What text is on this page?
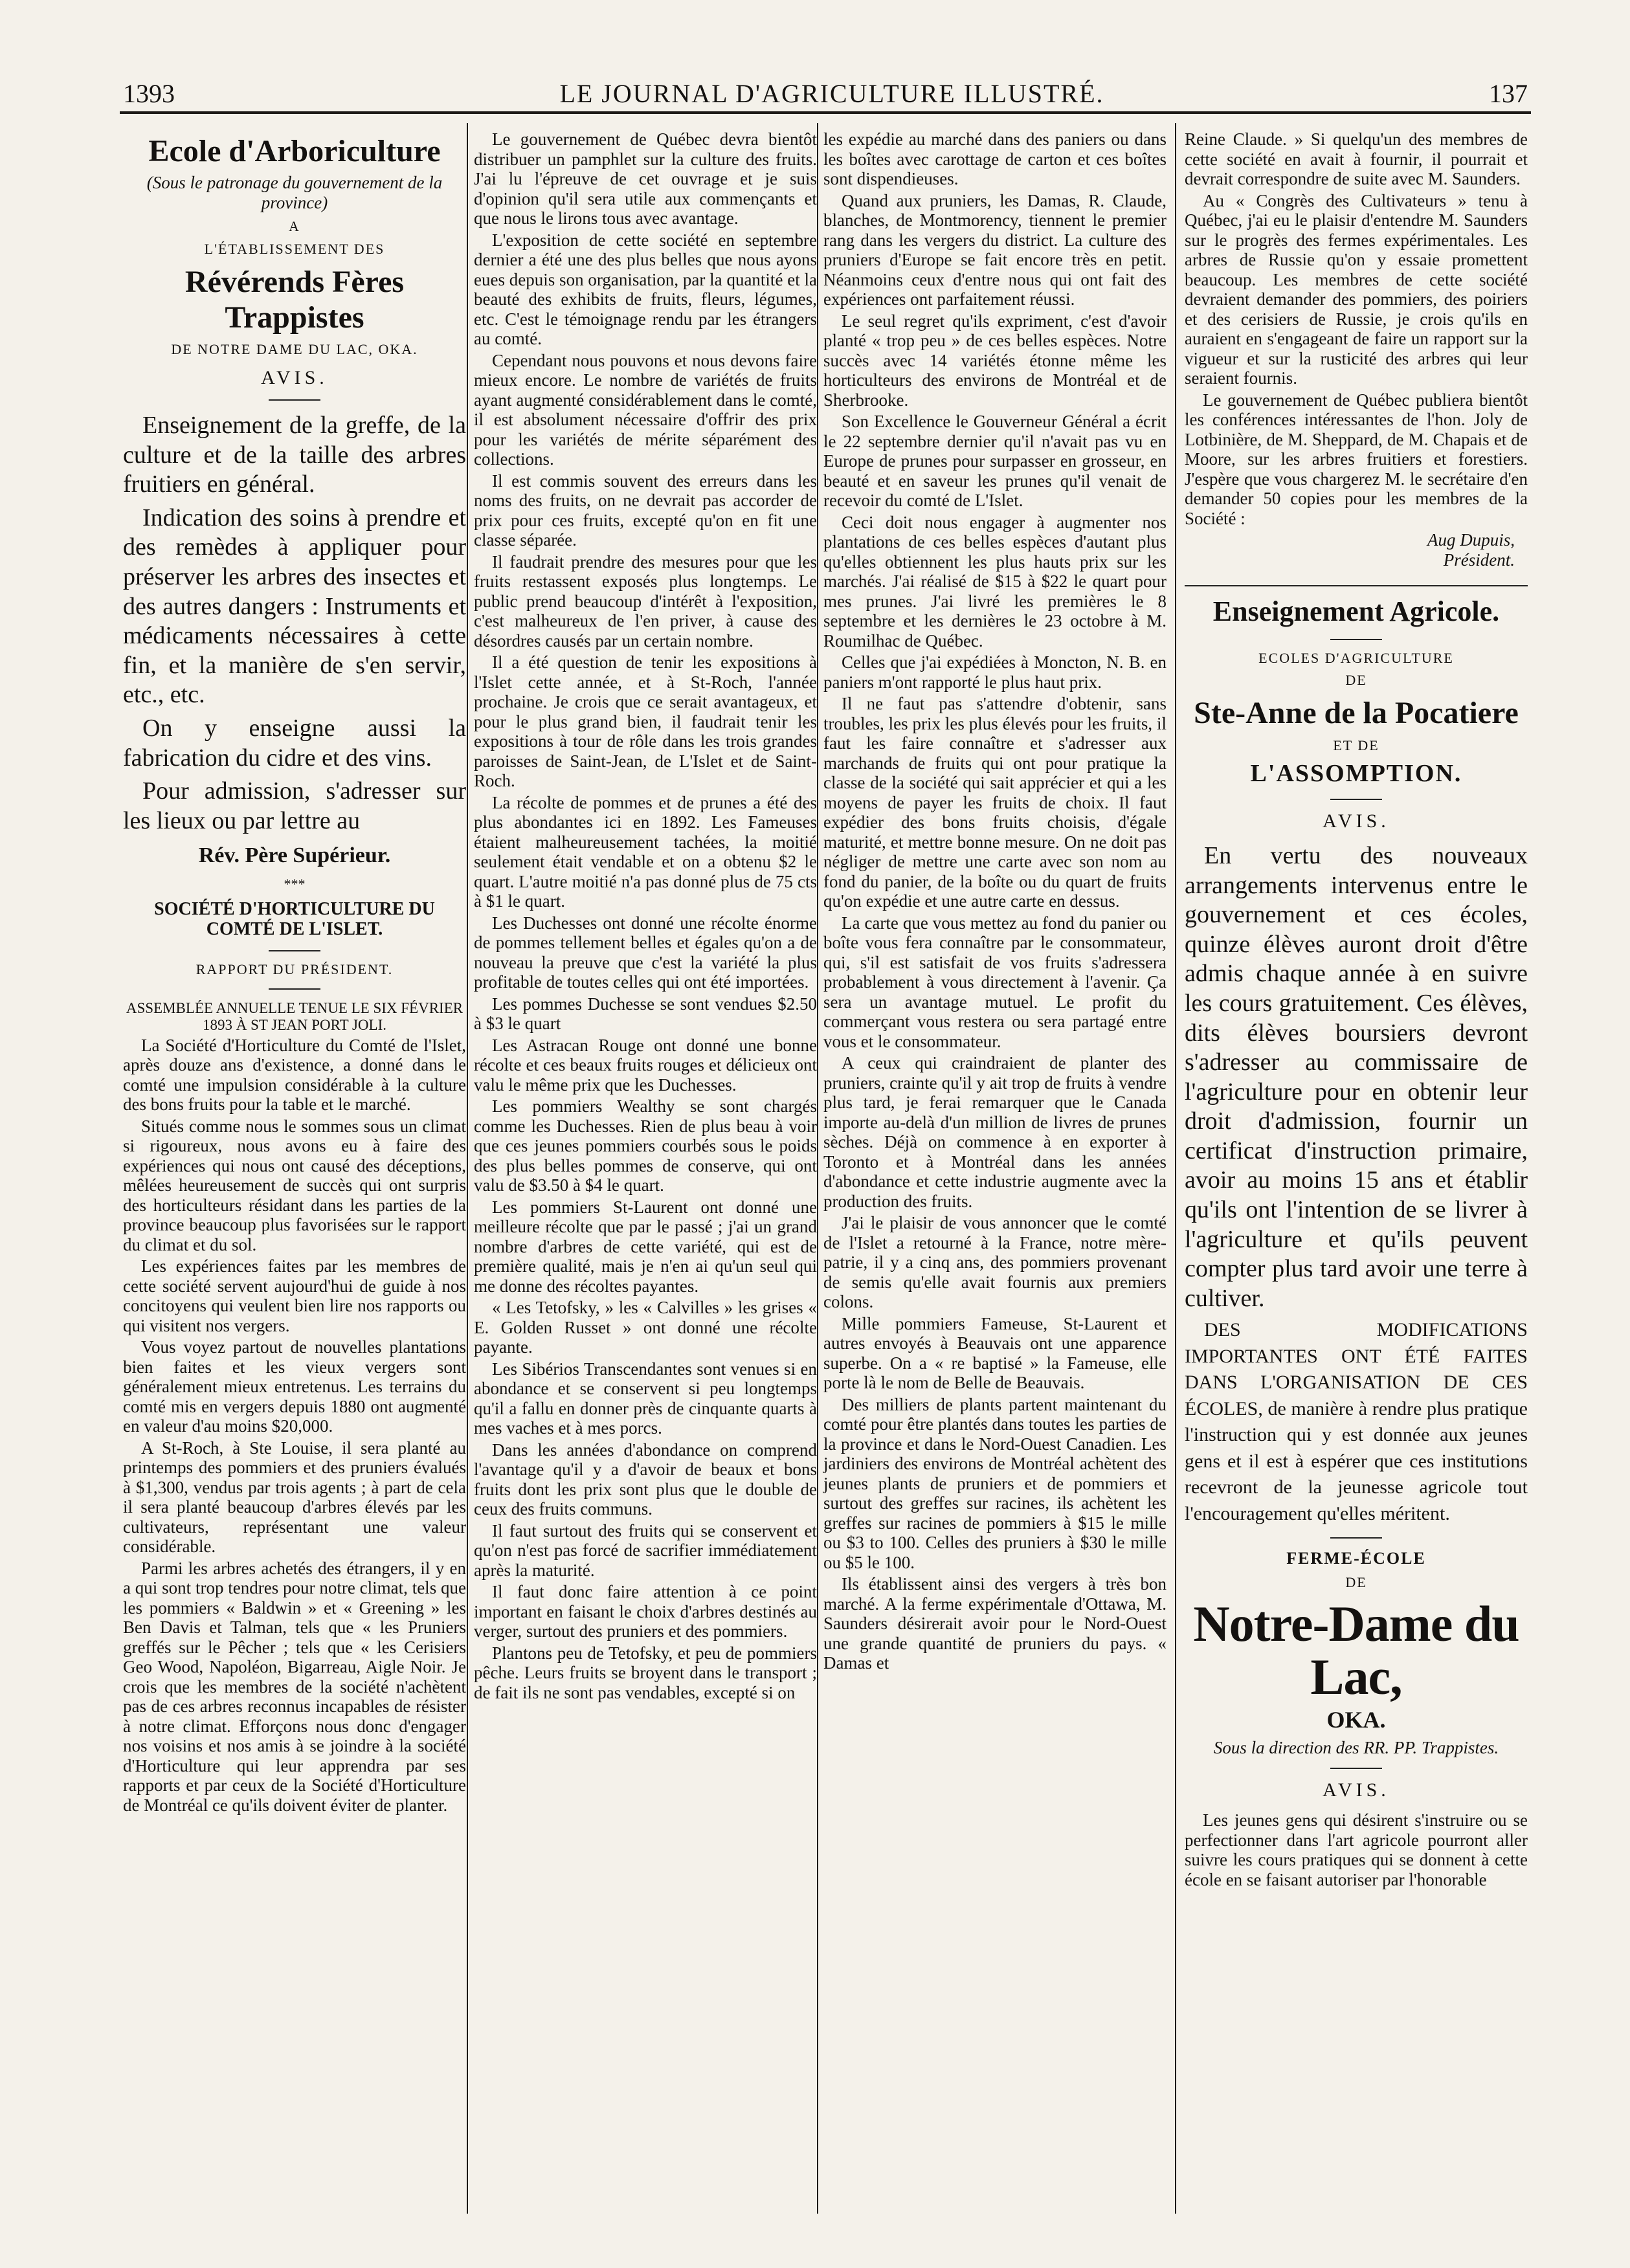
1393	LE JOURNAL D'AGRICULTURE ILLUSTRÉ.	137
Ecole d'Arboriculture

(Sous le patronage du gouvernement de la province)

A
L'ÉTABLISSEMENT DES
Révérends Fères Trappistes
DE NOTRE DAME DU LAC, OKA.
AVIS.

Enseignement de la greffe, de la culture et de la taille des arbres fruitiers en général.

Indication des soins à prendre et des remèdes à appliquer pour préserver les arbres des insectes et des autres dangers : Instruments et médicaments nécessaires à cette fin, et la manière de s'en servir, etc., etc.

On y enseigne aussi la fabrication du cidre et des vins.

Pour admission, s'adresser sur les lieux ou par lettre au

Rév. Père Supérieur.
***
SOCIÉTÉ D'HORTICULTURE DU COMTÉ DE L'ISLET.
RAPPORT DU PRÉSIDENT.

ASSEMBLÉE ANNUELLE TENUE LE SIX FÉVRIER 1893 À ST JEAN PORT JOLI.

La Société d'Horticulture du Comté de l'Islet, après douze ans d'existence, a donné dans le comté une impulsion considérable à la culture des bons fruits pour la table et le marché.

Situés comme nous le sommes sous un climat si rigoureux, nous avons eu à faire des expériences qui nous ont causé des déceptions, mêlées heureusement de succès qui ont surpris des horticulteurs résidant dans les parties de la province beaucoup plus favorisées sur le rapport du climat et du sol.

Les expériences faites par les membres de cette société servent aujourd'hui de guide à nos concitoyens qui veulent bien lire nos rapports ou qui visitent nos vergers.

Vous voyez partout de nouvelles plantations bien faites et les vieux vergers sont généralement mieux entretenus. Les terrains du comté mis en vergers depuis 1880 ont augmenté en valeur d'au moins $20,000.

A St-Roch, à Ste Louise, il sera planté au printemps des pommiers et des pruniers évalués à $1,300, vendus par trois agents ; à part de cela il sera planté beaucoup d'arbres élevés par les cultivateurs, représentant une valeur considérable.

Parmi les arbres achetés des étrangers, il y en a qui sont trop tendres pour notre climat, tels que les pommiers « Baldwin » et « Greening » les Ben Davis et Talman, tels que « les Pruniers greffés sur le Pêcher ; tels que « les Cerisiers Geo Wood, Napoléon, Bigarreau, Aigle Noir. Je crois que les membres de la société n'achètent pas de ces arbres reconnus incapables de résister à notre climat. Efforçons nous donc d'engager nos voisins et nos amis à se joindre à la société d'Horticulture qui leur apprendra par ses rapports et par ceux de la Société d'Horticulture de Montréal ce qu'ils doivent éviter de planter.

Le gouvernement de Québec devra bientôt distribuer un pamphlet sur la culture des fruits. J'ai lu l'épreuve de cet ouvrage et je suis d'opinion qu'il sera utile aux commençants et que nous le lirons tous avec avantage.

L'exposition de cette société en septembre dernier a été une des plus belles que nous ayons eues depuis son organisation, par la quantité et la beauté des exhibits de fruits, fleurs, légumes, etc. C'est le témoignage rendu par les étrangers au comté.

Cependant nous pouvons et nous devons faire mieux encore. Le nombre de variétés de fruits ayant augmenté considérablement dans le comté, il est absolument nécessaire d'offrir des prix pour les variétés de mérite séparément des collections.

Il est commis souvent des erreurs dans les noms des fruits, on ne devrait pas accorder de prix pour ces fruits, excepté qu'on en fit une classe séparée.

Il faudrait prendre des mesures pour que les fruits restassent exposés plus longtemps. Le public prend beaucoup d'intérêt à l'exposition, c'est malheureux de l'en priver, à cause des désordres causés par un certain nombre.

Il a été question de tenir les expositions à l'Islet cette année, et à St-Roch, l'année prochaine. Je crois que ce serait avantageux, et pour le plus grand bien, il faudrait tenir les expositions à tour de rôle dans les trois grandes paroisses de Saint-Jean, de L'Islet et de Saint-Roch.

La récolte de pommes et de prunes a été des plus abondantes ici en 1892. Les Fameuses étaient malheureusement tachées, la moitié seulement était vendable et on a obtenu $2 le quart. L'autre moitié n'a pas donné plus de 75 cts à $1 le quart.

Les Duchesses ont donné une récolte énorme de pommes tellement belles et égales qu'on a de nouveau la preuve que c'est la variété la plus profitable de toutes celles qui ont été importées.

Les pommes Duchesse se sont vendues $2.50 à $3 le quart

Les Astracan Rouge ont donné une bonne récolte et ces beaux fruits rouges et délicieux ont valu le même prix que les Duchesses.

Les pommiers Wealthy se sont chargés comme les Duchesses. Rien de plus beau à voir que ces jeunes pommiers courbés sous le poids des plus belles pommes de conserve, qui ont valu de $3.50 à $4 le quart.

Les pommiers St-Laurent ont donné une meilleure récolte que par le passé ; j'ai un grand nombre d'arbres de cette variété, qui est de première qualité, mais je n'en ai qu'un seul qui me donne des récoltes payantes.

« Les Tetofsky, » les « Calvilles » les grises « E. Golden Russet » ont donné une récolte payante.

Les Sibérios Transcendantes sont venues si en abondance et se conservent si peu longtemps qu'il a fallu en donner près de cinquante quarts à mes vaches et à mes porcs.

Dans les années d'abondance on comprend l'avantage qu'il y a d'avoir de beaux et bons fruits dont les prix sont plus que le double de ceux des fruits communs.

Il faut surtout des fruits qui se conservent et qu'on n'est pas forcé de sacrifier immédiatement après la maturité.

Il faut donc faire attention à ce point important en faisant le choix d'arbres destinés au verger, surtout des pruniers et des pommiers.

Plantons peu de Tetofsky, et peu de pommiers pêche. Leurs fruits se broyent dans le transport ; de fait ils ne sont pas vendables, excepté si on

les expédie au marché dans des paniers ou dans les boîtes avec carottage de carton et ces boîtes sont dispendieuses.

Quand aux pruniers, les Damas, R. Claude, blanches, de Montmorency, tiennent le premier rang dans les vergers du district. La culture des pruniers d'Europe se fait encore très en petit. Néanmoins ceux d'entre nous qui ont fait des expériences ont parfaitement réussi.

Le seul regret qu'ils expriment, c'est d'avoir planté « trop peu » de ces belles espèces. Notre succès avec 14 variétés étonne même les horticulteurs des environs de Montréal et de Sherbrooke.

Son Excellence le Gouverneur Général a écrit le 22 septembre dernier qu'il n'avait pas vu en Europe de prunes pour surpasser en grosseur, en beauté et en saveur les prunes qu'il venait de recevoir du comté de L'Islet.

Ceci doit nous engager à augmenter nos plantations de ces belles espèces d'autant plus qu'elles obtiennent les plus hauts prix sur les marchés. J'ai réalisé de $15 à $22 le quart pour mes prunes. J'ai livré les premières le 8 septembre et les dernières le 23 octobre à M. Roumilhac de Québec.

Celles que j'ai expédiées à Moncton, N. B. en paniers m'ont rapporté le plus haut prix.

Il ne faut pas s'attendre d'obtenir, sans troubles, les prix les plus élevés pour les fruits, il faut les faire connaître et s'adresser aux marchands de fruits qui ont pour pratique la classe de la société qui sait apprécier et qui a les moyens de payer les fruits de choix. Il faut expédier des bons fruits choisis, d'égale maturité, et mettre bonne mesure. On ne doit pas négliger de mettre une carte avec son nom au fond du panier, de la boîte ou du quart de fruits qu'on expédie et une autre carte en dessus.

La carte que vous mettez au fond du panier ou boîte vous fera connaître par le consommateur, qui, s'il est satisfait de vos fruits s'adressera probablement à vous directement à l'avenir. Ça sera un avantage mutuel. Le profit du commerçant vous restera ou sera partagé entre vous et le consommateur.

A ceux qui craindraient de planter des pruniers, crainte qu'il y ait trop de fruits à vendre plus tard, je ferai remarquer que le Canada importe au-delà d'un million de livres de prunes sèches. Déjà on commence à en exporter à Toronto et à Montréal dans les années d'abondance et cette industrie augmente avec la production des fruits.

J'ai le plaisir de vous annoncer que le comté de l'Islet a retourné à la France, notre mère-patrie, il y a cinq ans, des pommiers provenant de semis qu'elle avait fournis aux premiers colons.

Mille pommiers Fameuse, St-Laurent et autres envoyés à Beauvais ont une apparence superbe. On a « re baptisé » la Fameuse, elle porte là le nom de Belle de Beauvais.

Des milliers de plants partent maintenant du comté pour être plantés dans toutes les parties de la province et dans le Nord-Ouest Canadien. Les jardiniers des environs de Montréal achètent des jeunes plants de pruniers et de pommiers et surtout des greffes sur racines, ils achètent les greffes sur racines de pommiers à $15 le mille ou $3 to 100. Celles des pruniers à $30 le mille ou $5 le 100.

Ils établissent ainsi des vergers à très bon marché. A la ferme expérimentale d'Ottawa, M. Saunders désirerait avoir pour le Nord-Ouest une grande quantité de pruniers du pays. « Damas et

Reine Claude. » Si quelqu'un des membres de cette société en avait à fournir, il pourrait et devrait correspondre de suite avec M. Saunders.

Au « Congrès des Cultivateurs » tenu à Québec, j'ai eu le plaisir d'entendre M. Saunders sur le progrès des fermes expérimentales. Les arbres de Russie qu'on y essaie promettent beaucoup. Les membres de cette société devraient demander des pommiers, des poiriers et des cerisiers de Russie, je crois qu'ils en auraient en s'engageant de faire un rapport sur la vigueur et sur la rusticité des arbres qui leur seraient fournis.

Le gouvernement de Québec publiera bientôt les conférences intéressantes de l'hon. Joly de Lotbinière, de M. Sheppard, de M. Chapais et de Moore, sur les arbres fruitiers et forestiers. J'espère que vous chargerez M. le secrétaire d'en demander 50 copies pour les membres de la Société :

Aug Dupuis,
Président.
Enseignement Agricole.
ECOLES D'AGRICULTURE
DE
Ste-Anne de la Pocatiere
ET DE
L'ASSOMPTION.
AVIS.

En vertu des nouveaux arrangements intervenus entre le gouvernement et ces écoles, quinze élèves auront droit d'être admis chaque année à en suivre les cours gratuitement. Ces élèves, dits élèves boursiers devront s'adresser au commissaire de l'agriculture pour en obtenir leur droit d'admission, fournir un certificat d'instruction primaire, avoir au moins 15 ans et établir qu'ils ont l'intention de se livrer à l'agriculture et qu'ils peuvent compter plus tard avoir une terre à cultiver.

DES MODIFICATIONS IMPORTANTES ONT ÉTÉ FAITES DANS L'ORGANISATION DE CES ÉCOLES, de manière à rendre plus pratique l'instruction qui y est donnée aux jeunes gens et il est à espérer que ces institutions recevront de la jeunesse agricole tout l'encouragement qu'elles méritent.

FERME-ÉCOLE
DE
Notre-Dame du Lac,
OKA.

Sous la direction des RR. PP. Trappistes.

AVIS.

Les jeunes gens qui désirent s'instruire ou se perfectionner dans l'art agricole pourront aller suivre les cours pratiques qui se donnent à cette école en se faisant autoriser par l'honorable
